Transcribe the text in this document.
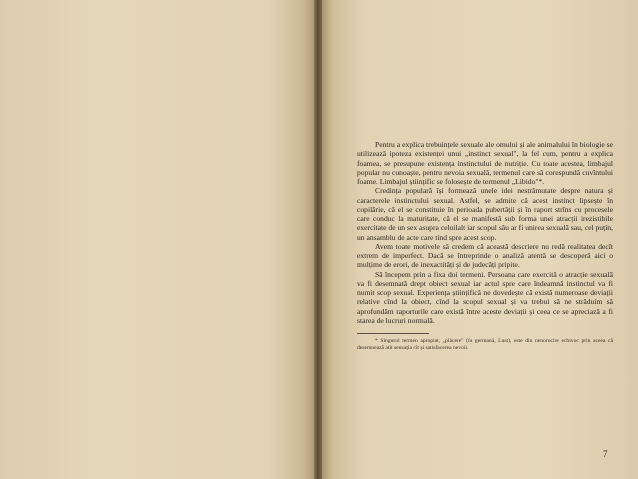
Pentru a explica trebuințele sexuale ale omului și ale animalului în biologie se utilizează ipoteza existenței unui „instinct sexual", la fel cum, pentru a explica foamea, se presupune existența instinctului de nutriție. Cu toate acestea, limbajul popular nu cunoaște, pentru nevoia sexuală, termenul care să corespundă cuvîntului foame. Limbajul științific se folosește de termenul „Libido"*.

Credința populară își formează unele idei nestrămutate despre natura și caracterele instinctului sexual. Astfel, se admite că acest instinct lipsește în copilărie, că el se constituie în perioada pubertății și în raport strîns cu procesele care conduc la maturitate, că el se manifestă sub forma unei atracții irezistibile exercitate de un sex asupra celuilalt iar scopul său ar fi unirea sexuală sau, cel puțin, un ansamblu de acte care tind spre acest scop.

Avem toate motivele să credem că această descriere nu redă realitatea decît extrem de imperfect. Dacă se întreprinde o analiză atentă se descoperă aici o mulțime de erori, de inexactități și de judecăți pripite.

Să începem prin a fixa doi termeni. Persoana care exercită o atracție sexuală va fi desemnată drept obiect sexual iar actul spre care îndeamnă instinctul va fi numit scop sexual. Experiența științifică ne dovedește că există numeroase deviații relative cînd la obiect, cînd la scopul sexual și va trebui să ne străduim să aprofundăm raporturile care există între aceste deviații și ceea ce se apreciază a fi starea de lucruri normală.

* Singurul termen apropiat, „plăcere" (în germană, Lust), este din nenorocire echivoc prin aceea că desemnează atît senzația cît și satisfacerea nevoii.

7
